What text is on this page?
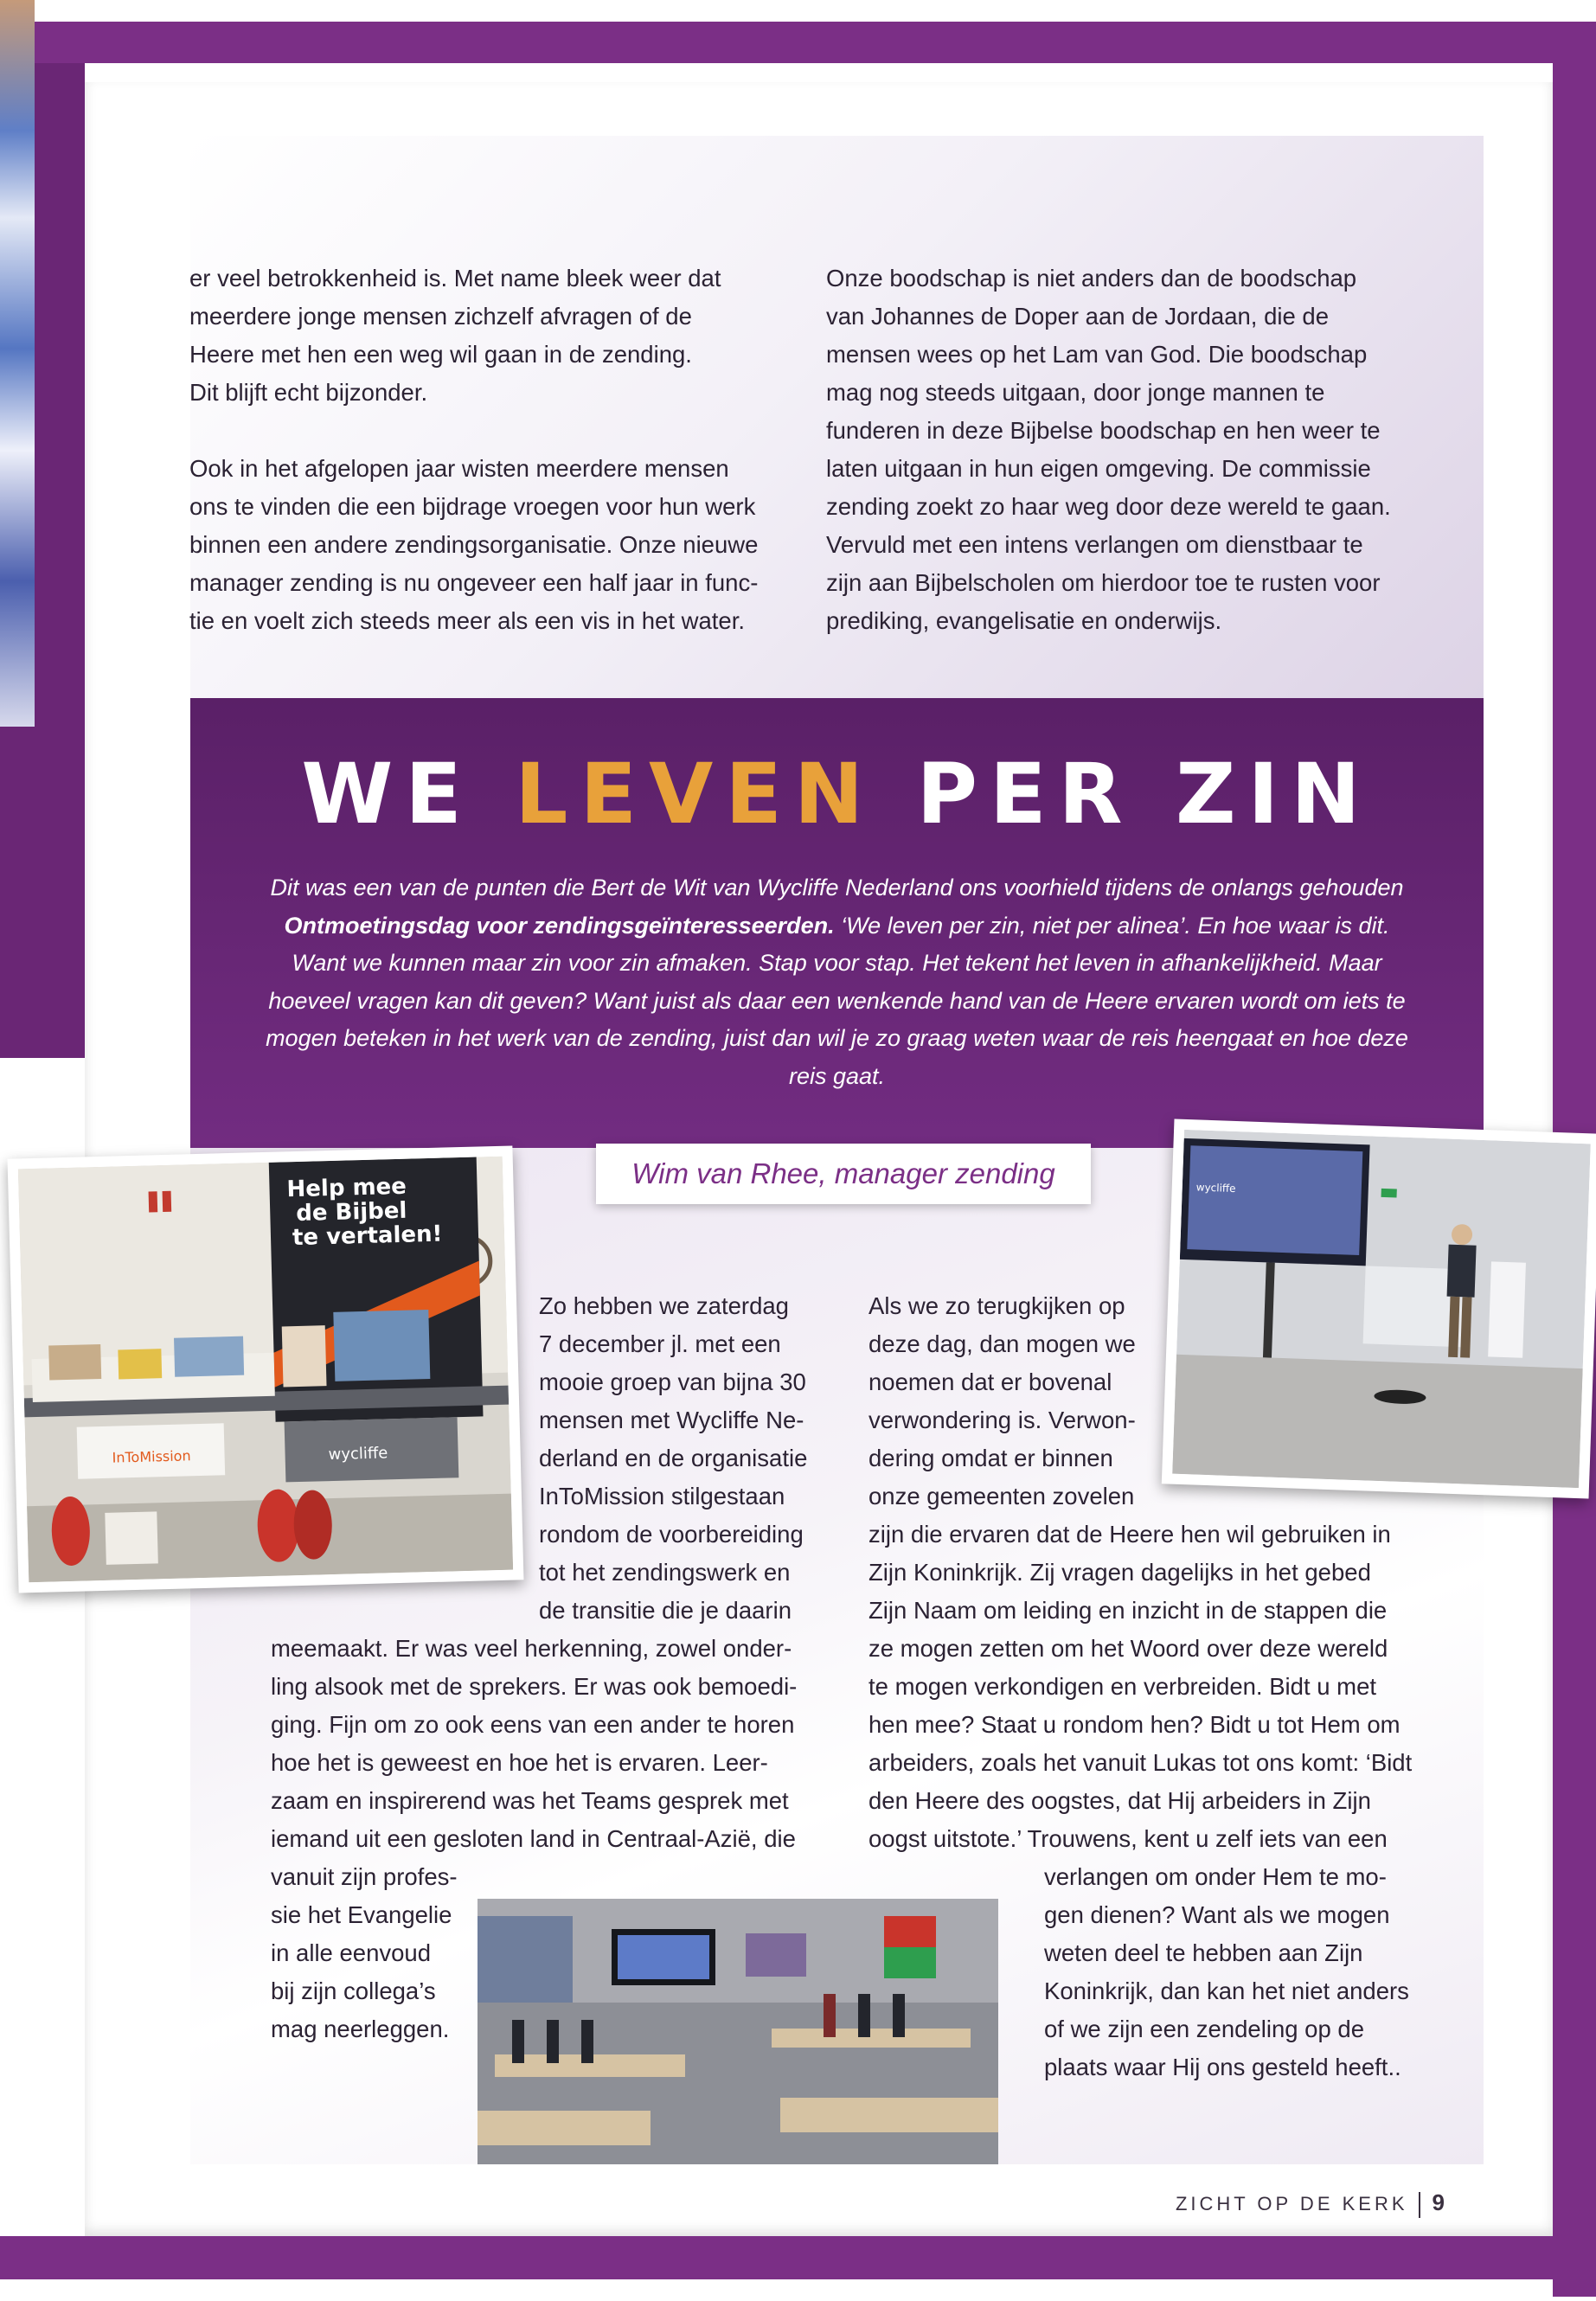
er veel betrokkenheid is. Met name bleek weer dat
meerdere jonge mensen zichzelf afvragen of de
Heere met hen een weg wil gaan in de zending.
Dit blijft echt bijzonder.

Ook in het afgelopen jaar wisten meerdere mensen
ons te vinden die een bijdrage vroegen voor hun werk
binnen een andere zendingsorganisatie. Onze nieuwe
manager zending is nu ongeveer een half jaar in func-
tie en voelt zich steeds meer als een vis in het water.
Onze boodschap is niet anders dan de boodschap
van Johannes de Doper aan de Jordaan, die de
mensen wees op het Lam van God. Die boodschap
mag nog steeds uitgaan, door jonge mannen te
funderen in deze Bijbelse boodschap en hen weer te
laten uitgaan in hun eigen omgeving. De commissie
zending zoekt zo haar weg door deze wereld te gaan.
Vervuld met een intens verlangen om dienstbaar te
zijn aan Bijbelscholen om hierdoor toe te rusten voor
prediking, evangelisatie en onderwijs.
WE LEVEN PER ZIN
Dit was een van de punten die Bert de Wit van Wycliffe Nederland ons voorhield tijdens de onlangs gehouden Ontmoetingsdag voor zendingsgeïnteresseerden. ‘We leven per zin, niet per alinea’. En hoe waar is dit. Want we kunnen maar zin voor zin afmaken. Stap voor stap. Het tekent het leven in afhankelijkheid. Maar hoeveel vragen kan dit geven? Want juist als daar een wenkende hand van de Heere ervaren wordt om iets te mogen beteken in het werk van de zending, juist dan wil je zo graag weten waar de reis heengaat en hoe deze reis gaat.
Wim van Rhee, manager zending
Help mee
de Bijbel
te vertalen!
InToMission	wycliffe
wycliffe
Zo hebben we zaterdag
7 december jl. met een
mooie groep van bijna 30
mensen met Wycliffe Ne-
derland en de organisatie
InToMission stilgestaan
rondom de voorbereiding
tot het zendingswerk en
de transitie die je daarin
meemaakt. Er was veel herkenning, zowel onder-
ling alsook met de sprekers. Er was ook bemoedi-
ging. Fijn om zo ook eens van een ander te horen
hoe het is geweest en hoe het is ervaren. Leer-
zaam en inspirerend was het Teams gesprek met
iemand uit een gesloten land in Centraal-Azië, die
vanuit zijn profes-
sie het Evangelie
in alle eenvoud
bij zijn collega’s
mag neerleggen.
Als we zo terugkijken op
deze dag, dan mogen we
noemen dat er bovenal
verwondering is. Verwon-
dering omdat er binnen
onze gemeenten zovelen
zijn die ervaren dat de Heere hen wil gebruiken in
Zijn Koninkrijk. Zij vragen dagelijks in het gebed
Zijn Naam om leiding en inzicht in de stappen die
ze mogen zetten om het Woord over deze wereld
te mogen verkondigen en verbreiden. Bidt u met
hen mee? Staat u rondom hen? Bidt u tot Hem om
arbeiders, zoals het vanuit Lukas tot ons komt: ‘Bidt
den Heere des oogstes, dat Hij arbeiders in Zijn
oogst uitstote.’ Trouwens, kent u zelf iets van een
verlangen om onder Hem te mo-
gen dienen? Want als we mogen
weten deel te hebben aan Zijn
Koninkrijk, dan kan het niet anders
of we zijn een zendeling op de
plaats waar Hij ons gesteld heeft..
ZICHT OP DE KERK 9
